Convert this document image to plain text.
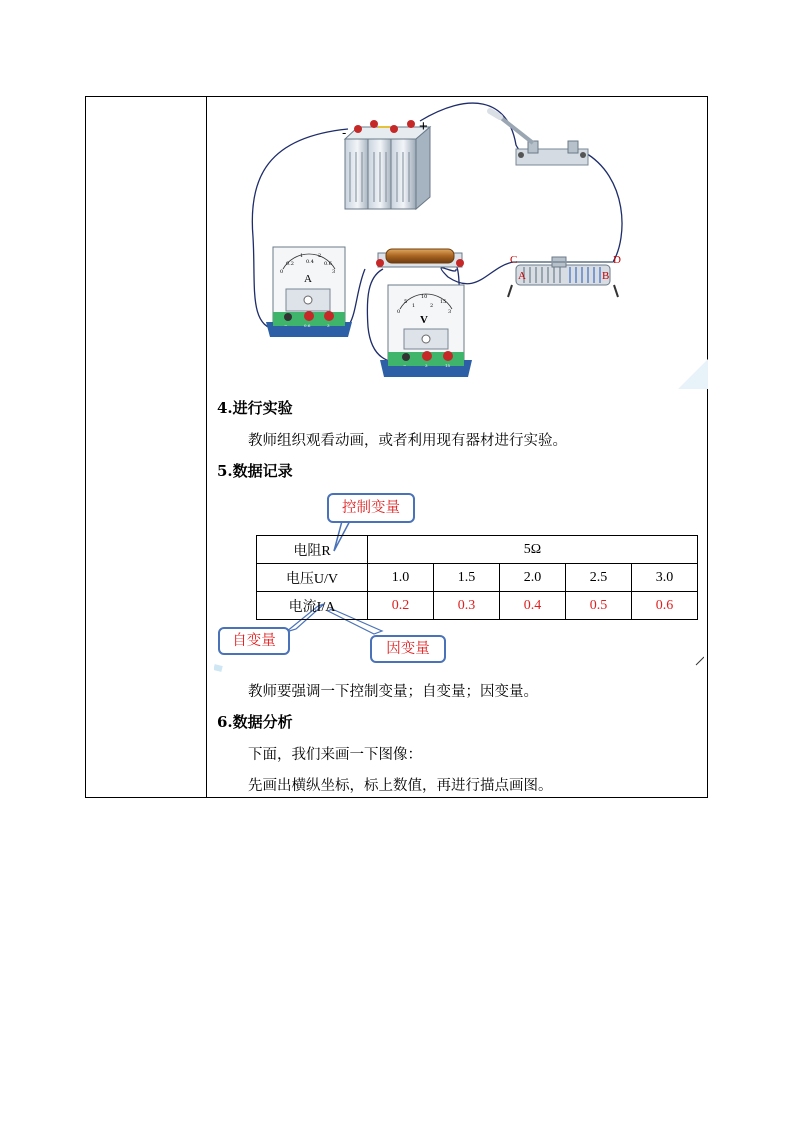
-	+
1	2
0.2 0.4 0.6
0	3
A
−	0.6	3
5
10
15
1	2
0	3
V
−	3	15
C	D
A	B
4.进行实验
教师组织观看动画，或者利用现有器材进行实验。
5.数据记录
电阻R	5Ω				
电压U/V	1.0	1.5	2.0	2.5	3.0
电流I/A	0.2	0.3	0.4	0.5	0.6
控制变量
自变量	因变量
教师要强调一下控制变量；自变量；因变量。
6.数据分析
下面，我们来画一下图像：
先画出横纵坐标，标上数值，再进行描点画图。
